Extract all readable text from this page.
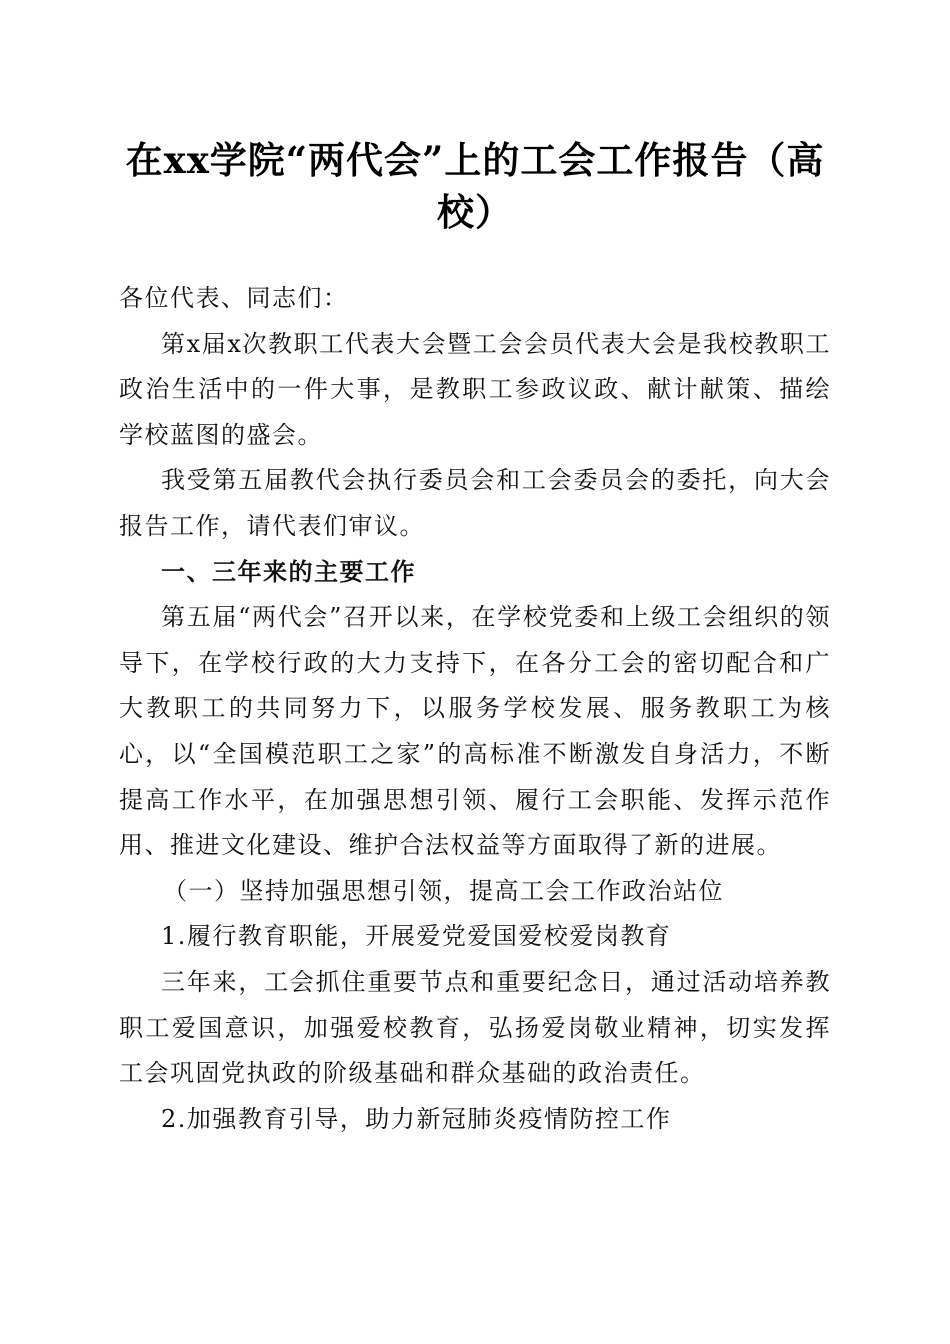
在xx学院“两代会”上的工会工作报告（高校）

各位代表、同志们：

第x届x次教职工代表大会暨工会会员代表大会是我校教职工政治生活中的一件大事，是教职工参政议政、献计献策、描绘学校蓝图的盛会。

我受第五届教代会执行委员会和工会委员会的委托，向大会报告工作，请代表们审议。

一、三年来的主要工作

第五届“两代会”召开以来，在学校党委和上级工会组织的领导下，在学校行政的大力支持下，在各分工会的密切配合和广大教职工的共同努力下，以服务学校发展、服务教职工为核心，以“全国模范职工之家”的高标准不断激发自身活力，不断提高工作水平，在加强思想引领、履行工会职能、发挥示范作用、推进文化建设、维护合法权益等方面取得了新的进展。

（一）坚持加强思想引领，提高工会工作政治站位

1.履行教育职能，开展爱党爱国爱校爱岗教育

三年来，工会抓住重要节点和重要纪念日，通过活动培养教职工爱国意识，加强爱校教育，弘扬爱岗敬业精神，切实发挥工会巩固党执政的阶级基础和群众基础的政治责任。

2.加强教育引导，助力新冠肺炎疫情防控工作
